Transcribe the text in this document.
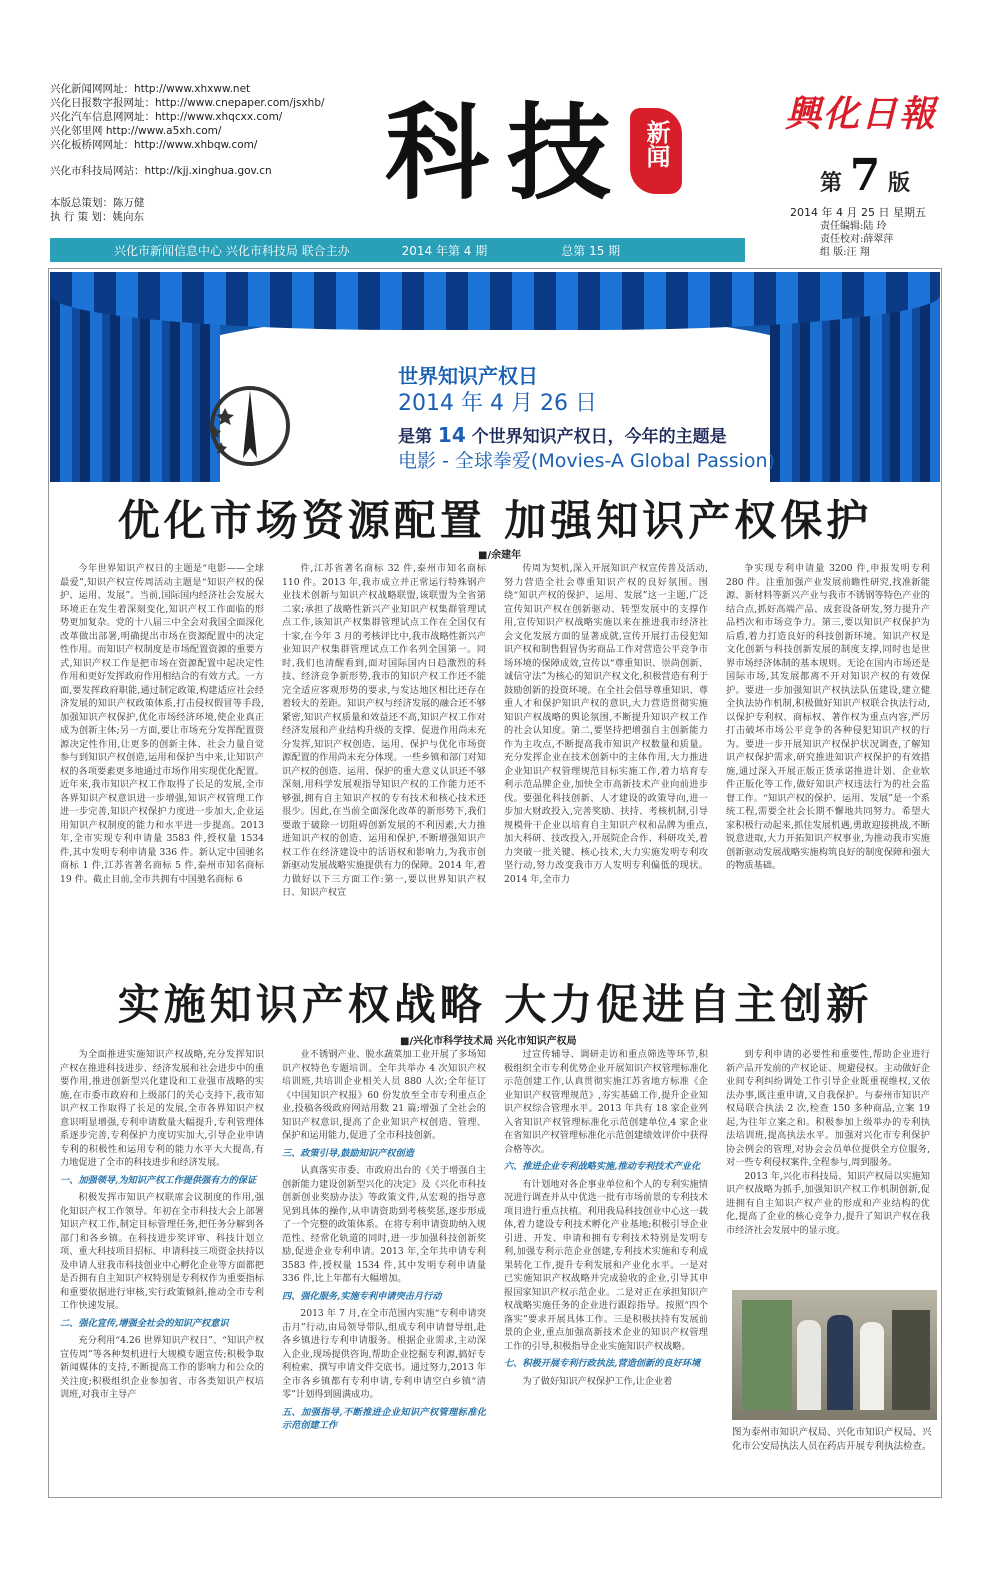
兴化新闻网网址：http://www.xhxww.net
兴化日报数字报网址：http://www.cnepaper.com/jsxhb/
兴化汽车信息网网址：http://www.xhqcxx.com/
兴化邻里网 http://www.a5xh.com/
兴化板桥网网址：http://www.xhbqw.com/
兴化市科技局网站：http://kjj.xinghua.gov.cn
本版总策划：陈万健
执 行 策 划：姚向东
科技 新闻
興化日報
第 7 版
2014 年 4 月 25 日 星期五
责任编辑:陆 玲
责任校对:薛翠萍
组 版:汪 翔
兴化市新闻信息中心 兴化市科技局 联合主办	2014 年第 4 期	总第 15 期
世界知识产权日
2014 年 4 月 26 日
是第 14 个世界知识产权日，今年的主题是
电影 - 全球拳爱(Movies-A Global Passion)
优化市场资源配置 加强知识产权保护
■/余建年

今年世界知识产权日的主题是“电影——全球最爱”,知识产权宣传周活动主题是“知识产权的保护、运用、发展”。当前,国际国内经济社会发展大环境正在发生着深刻变化,知识产权工作面临的形势更加复杂。党的十八届三中全会对我国全面深化改革做出部署,明确提出市场在资源配置中的决定性作用。而知识产权制度是市场配置资源的重要方式,知识产权工作是把市场在资源配置中起决定性作用和更好发挥政府作用相结合的有效方式。一方面,要发挥政府职能,通过制定政策,构建适应社会经济发展的知识产权政策体系,打击侵权假冒等手段,加强知识产权保护,优化市场经济环境,使企业真正成为创新主体;另一方面,要让市场充分发挥配置资源决定性作用,让更多的创新主体、社会力量自觉参与到知识产权创造,运用和保护当中来,让知识产权的各项要素更多地通过市场作用实现优化配置。近年来,我市知识产权工作取得了长足的发展,全市各界知识产权意识进一步增强,知识产权管理工作进一步完善,知识产权保护力度进一步加大,企业运用知识产权制度的能力和水平进一步提高。2013 年,全市实现专利申请量 3583 件,授权量 1534 件,其中发明专利申请量 336 件。新认定中国驰名商标 1 件,江苏省著名商标 5 件,泰州市知名商标 19 件。截止目前,全市共拥有中国驰名商标 6

件,江苏省著名商标 32 件,泰州市知名商标 110 件。2013 年,我市成立并正常运行特殊钢产业技术创新与知识产权战略联盟,该联盟为全省第二家;承担了战略性新兴产业知识产权集群管理试点工作,该知识产权集群管理试点工作在全国仅有十家,在今年 3 月的考核评比中,我市战略性新兴产业知识产权集群管理试点工作名列全国第一。同时,我们也清醒看到,面对国际国内日趋激烈的科技、经济竞争新形势,我市的知识产权工作还不能完全适应客观形势的要求,与发达地区相比还存在着较大的差距。知识产权与经济发展的融合还不够紧密,知识产权质量和效益还不高,知识产权工作对经济发展和产业结构升级的支撑、促进作用尚未充分发挥,知识产权创造、运用、保护与优化市场资源配置的作用尚未充分体现。一些乡镇和部门对知识产权的创造、运用、保护的重大意义认识还不够深刻,用科学发展观指导知识产权的工作能力还不够强,拥有自主知识产权的专有技术和核心技术还很少。因此,在当前全面深化改革的新形势下,我们要敢于破除一切阻碍创新发展的不利因素,大力推进知识产权的创造、运用和保护,不断增强知识产权工作在经济建设中的活语权和影响力,为我市创新驱动发展战略实施提供有力的保障。2014 年,着力做好以下三方面工作:第一,要以世界知识产权日、知识产权宣

传周为契机,深入开展知识产权宣传普及活动,努力营造全社会尊重知识产权的良好氛围。围绕“知识产权的保护、运用、发展”这一主题,广泛宣传知识产权在创新驱动、转型发展中的支撑作用,宣传知识产权战略实施以来在推进我市经济社会文化发展方面的显著成就,宣传开展打击侵犯知识产权和制售假冒伪劣商品工作对营造公平竞争市场环境的保障成效,宣传以“尊重知识、崇尚创新、诚信守法”为核心的知识产权文化,积极营造有利于鼓励创新的投资环境。在全社会倡导尊重知识、尊重人才和保护知识产权的意识,大力营造贯彻实施知识产权战略的舆论氛围,不断提升知识产权工作的社会认知度。第二,要坚持把增强自主创新能力作为主攻点,不断提高我市知识产权数量和质量。充分发挥企业在技术创新中的主体作用,大力推进企业知识产权管理规范目标实施工作,着力培育专利示范品牌企业,加快全市高新技术产业向前进步伐。要强化科技创新、人才建设的政策导向,进一步加大财政投入,完善奖励、扶持、考核机制,引导规模骨干企业以培育自主知识产权和品牌为重点,加大科研、技改投入,开展院企合作、科研攻关,着力突破一批关键、核心技术,大力实施发明专利攻坚行动,努力改变我市万人发明专利偏低的现状。2014 年,全市力

争实现专利申请量 3200 件,申报发明专利 280 件。注重加强产业发展前瞻性研究,找准新能源、新材料等新兴产业与我市不锈钢等特色产业的结合点,抓好高端产品、成套设备研发,努力提升产品档次和市场竞争力。第三,要以知识产权保护为后盾,着力打造良好的科技创新环境。知识产权是文化创新与科技创新发展的制度支撑,同时也是世界市场经济体制的基本规则。无论在国内市场还是国际市场,其发展都离不开对知识产权的有效保护。要进一步加强知识产权执法队伍建设,建立健全执法协作机制,积极做好知识产权联合执法行动,以保护专利权、商标权、著作权为重点内容,严厉打击破坏市场公平竞争的各种侵犯知识产权的行为。要进一步开展知识产权保护状况调查,了解知识产权保护需求,研究推进知识产权保护的有效措施,通过深入开展正版正货承诺推进计划、企业软件正版化等工作,做好知识产权违法行为的社会监督工作。“知识产权的保护、运用、发展”是一个系统工程,需要全社会长期不懈地共同努力。希望大家积极行动起来,抓住发展机遇,勇敢迎接挑战,不断锐意进取,大力开拓知识产权事业,为推动我市实施创新驱动发展战略实施构筑良好的制度保障和强大的物质基础。

实施知识产权战略 大力促进自主创新
■/兴化市科学技术局 兴化市知识产权局

为全面推进实施知识产权战略,充分发挥知识产权在推进科技进步、经济发展和社会进步中的重要作用,推进创新型兴化建设和工业强市战略的实施,在市委市政府和上级部门的关心支持下,我市知识产权工作取得了长足的发展,全市各界知识产权意识明显增强,专利申请数量大幅提升,专利管理体系逐步完善,专利保护力度切实加大,引导企业申请专利的积极性和运用专利的能力水平大大提高,有力地促进了全市的科技进步和经济发展。

一、加强领导,为知识产权工作提供强有力的保证

积极发挥市知识产权联席会议制度的作用,强化知识产权工作领导。年初在全市科技大会上部署知识产权工作,制定目标管理任务,把任务分解到各部门和各乡镇。在科技进步奖评审、科技计划立项、重大科技项目招标、申请科技三项资金扶持以及申请人驻我市科技创业中心孵化企业等方面都把是否拥有自主知识产权特别是专利权作为重要指标和重要依据进行审核,实行政策倾斜,推动全市专利工作快速发展。

二、强化宣传,增强全社会的知识产权意识

充分利用“4.26 世界知识产权日”、“知识产权宣传周”等各种契机进行大规模专题宣传;积极争取新闻媒体的支持,不断提高工作的影响力和公众的关注度;积极组织企业参加省、市各类知识产权培训班,对我市主导产

业不锈钢产业、脱水蔬菜加工业开展了多场知识产权特色专题培训。全年共举办 4 次知识产权培训班,共培训企业相关人员 880 人次;全年征订《中国知识产权报》60 份发放至全市专利重点企业,投稿各级政府网站用数 21 篇;增强了全社会的知识产权意识,提高了企业知识产权创造、管理、保护和运用能力,促进了全市科技创新。

三、政策引导,鼓励知识产权创造

认真落实市委、市政府出台的《关于增强自主创新能力建设创新型兴化的决定》及《兴化市科技创新创业奖励办法》等政策文件,从宏观的指导意见到具体的操作,从申请资助到考核奖惩,逐步形成了一个完整的政策体系。在将专利申请资助纳入规范性、经常化轨道的同时,进一步加强科技创新奖励,促进企业专利申请。2013 年,全年共申请专利 3583 件,授权量 1534 件,其中发明专利申请量 336 件,比上年都有大幅增加。

四、强化服务,实施专利申请突击月行动

2013 年 7 月,在全市范围内实施“专利申请突击月”行动,由局领导带队,组成专利申请督导组,赴各乡镇进行专利申请服务。根据企业需求,主动深入企业,现场提供咨询,帮助企业挖掘专利源,搞好专利检索、撰写申请文件交底书。通过努力,2013 年全市各乡镇都有专利申请,专利申请空白乡镇“清零”计划得到圆满成功。

五、加强指导,不断推进企业知识产权管理标准化示范创建工作

过宣传辅导、调研走访和重点筛选等环节,积极组织全市专利优势企业开展知识产权管理标准化示范创建工作,认真贯彻实施江苏省地方标准《企业知识产权管理规范》,夯实基础工作,提升企业知识产权综合管理水平。2013 年共有 18 家企业列入省知识产权管理标准化示范创建单位,4 家企业在省知识产权管理标准化示范创建绩效评价中获得合格等次。

六、推进企业专利战略实施,推动专利技术产业化

有计划地对各企事业单位和个人的专利实施情况进行调查并从中优选一批有市场前景的专利技术项目进行重点扶植。利用我局科技创业中心这一载体,着力建设专利技术孵化产业基地;积极引导企业引进、开发、申请和拥有专利技术特别是发明专利,加强专利示范企业创建,专利技术实施和专利成果转化工作,提升专利发展和产业化水平。一是对已实施知识产权战略并完成验收的企业,引导其申报国家知识产权示范企业。二是对正在承担知识产权战略实施任务的企业进行跟踪指导。按照“四个落实”要求开展具体工作。三是积极扶持有发展前景的企业,重点加强高新技术企业的知识产权管理工作的引导,积极指导企业实施知识产权战略。

七、积极开展专利行政执法,营造创新的良好环境

为了做好知识产权保护工作,让企业着

到专利申请的必要性和重要性,帮助企业进行新产品开发前的产权论证、规避侵权。主动做好企业间专利纠纷调处工作引导企业既重视维权,又依法办事,既注重申请,又自我保护。与泰州市知识产权局联合执法 2 次,检查 150 多种商品,立案 19 起,为往年立案之和。积极参加上级举办的专利执法培训班,提高执法水平。加强对兴化市专利保护协会例会的管理,对协会会员单位提供全方位服务,对一些专利侵权案件,全程参与,周到服务。

2013 年,兴化市科技局、知识产权局以实施知识产权战略为抓手,加强知识产权工作机制创新,促进拥有自主知识产权产业的形成和产业结构的优化,提高了企业的核心竞争力,提升了知识产权在我市经济社会发展中的显示度。

图为泰州市知识产权局、兴化市知识产权局、兴化市公安局执法人员在药店开展专利执法检查。
